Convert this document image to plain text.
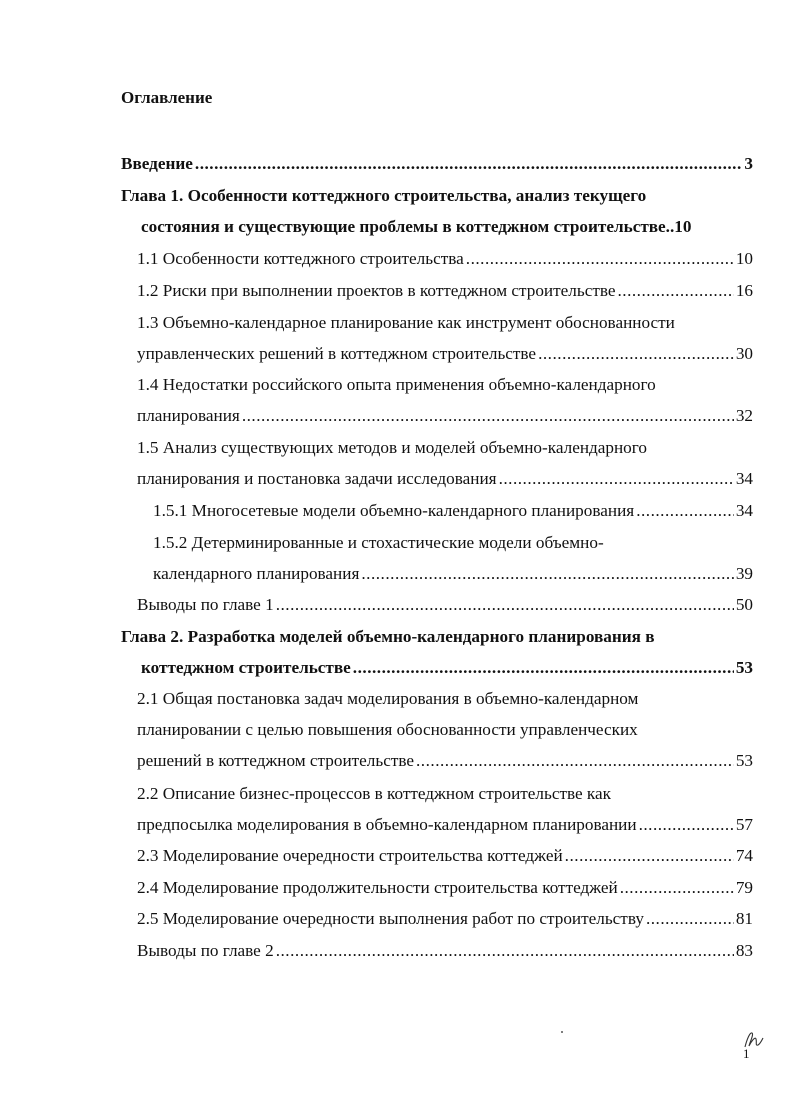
Оглавление
Введение .....	3
Глава 1. Особенности коттеджного строительства, анализ текущего
состояния и существующие проблемы в коттеджном строительстве.. 10
1.1 Особенности коттеджного строительства .....	10
1.2 Риски при выполнении проектов в коттеджном строительстве .....	16
1.3 Объемно-календарное планирование как инструмент обоснованности
управленческих решений в коттеджном строительстве .....	30
1.4 Недостатки российского опыта применения объемно-календарного
планирования .....	32
1.5 Анализ существующих методов и моделей объемно-календарного
планирования и постановка задачи исследования .....	34
1.5.1 Многосетевые модели объемно-календарного планирования .....	34
1.5.2 Детерминированные и стохастические модели объемно-
календарного планирования .....	39
Выводы по главе 1 .....	50
Глава 2. Разработка моделей объемно-календарного планирования в
коттеджном строительстве .....	53
2.1 Общая постановка задач моделирования в объемно-календарном
планировании с целью повышения обоснованности управленческих
решений в коттеджном строительстве .....	53
2.2 Описание бизнес-процессов в коттеджном строительстве как
предпосылка моделирования в объемно-календарном планировании .....	57
2.3 Моделирование очередности строительства коттеджей .....	74
2.4 Моделирование продолжительности строительства коттеджей .....	79
2.5 Моделирование очередности выполнения работ по строительству .....	81
Выводы по главе 2 .....	83
1
